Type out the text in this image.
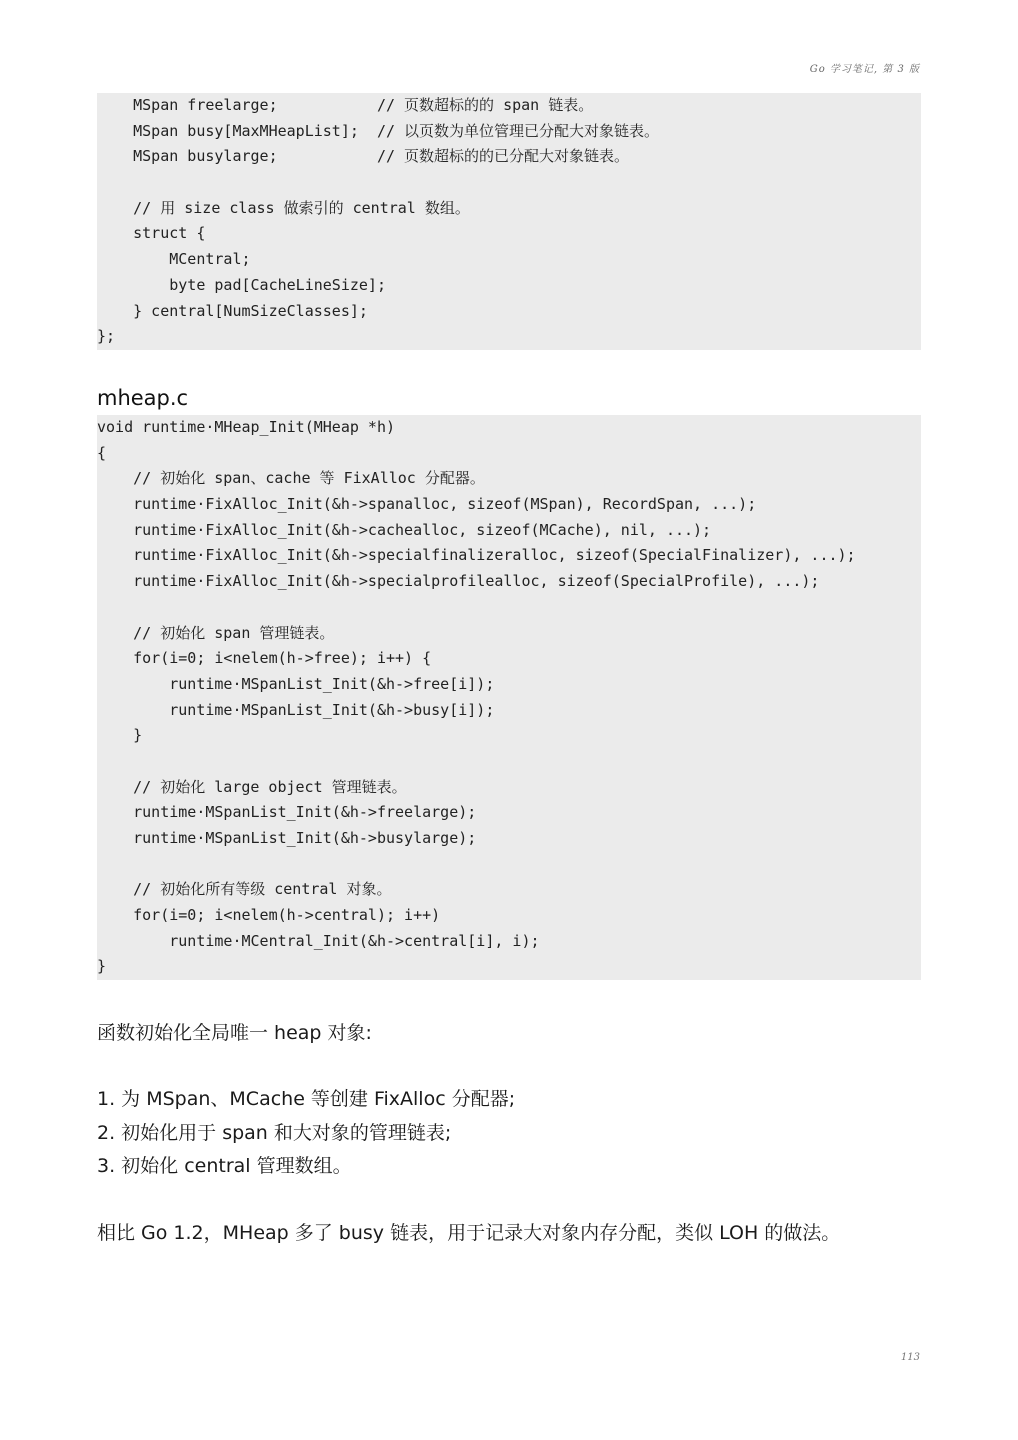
Go 学习笔记, 第 3 版
MSpan freelarge;           // 页数超标的的 span 链表。
MSpan busy[MaxMHeapList];  // 以页数为单位管理已分配大对象链表。
MSpan busylarge;           // 页数超标的的已分配大对象链表。
// 用 size class 做索引的 central 数组。
struct {
MCentral;
byte pad[CacheLineSize];
} central[NumSizeClasses];
};
mheap.c
void runtime·MHeap_Init(MHeap *h)
{
// 初始化 span、cache 等 FixAlloc 分配器。
runtime·FixAlloc_Init(&h->spanalloc, sizeof(MSpan), RecordSpan, ...);
runtime·FixAlloc_Init(&h->cachealloc, sizeof(MCache), nil, ...);
runtime·FixAlloc_Init(&h->specialfinalizeralloc, sizeof(SpecialFinalizer), ...);
runtime·FixAlloc_Init(&h->specialprofilealloc, sizeof(SpecialProfile), ...);
// 初始化 span 管理链表。
for(i=0; i<nelem(h->free); i++) {
runtime·MSpanList_Init(&h->free[i]);
runtime·MSpanList_Init(&h->busy[i]);
}
// 初始化 large object 管理链表。
runtime·MSpanList_Init(&h->freelarge);
runtime·MSpanList_Init(&h->busylarge);
// 初始化所有等级 central 对象。
for(i=0; i<nelem(h->central); i++)
runtime·MCentral_Init(&h->central[i], i);
}
函数初始化全局唯一 heap 对象:
1. 为 MSpan、MCache 等创建 FixAlloc 分配器;
2. 初始化用于 span 和大对象的管理链表;
3. 初始化 central 管理数组。
相比 Go 1.2，MHeap 多了 busy 链表，用于记录大对象内存分配，类似 LOH 的做法。
113
